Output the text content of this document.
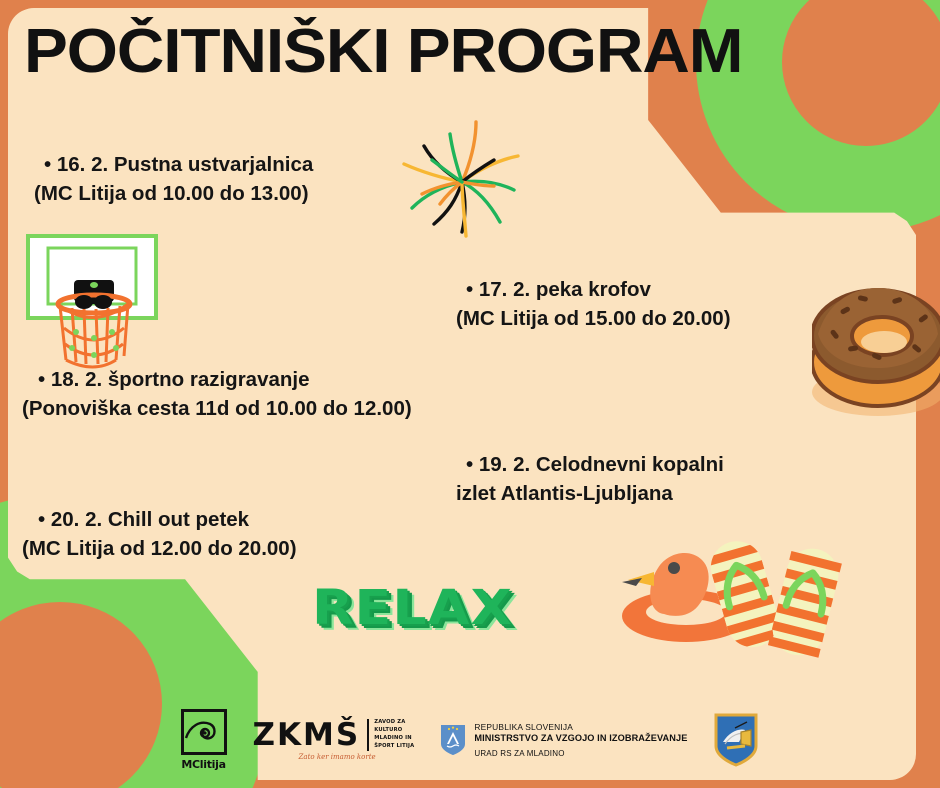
POČITNIŠKI PROGRAM
• 16. 2. Pustna ustvarjalnica
(MC Litija od 10.00 do 13.00)
• 17. 2. peka krofov
(MC Litija od 15.00 do 20.00)
• 18. 2. športno razigravanje
(Ponoviška cesta 11d od 10.00 do 12.00)
• 19. 2. Celodnevni kopalni
izlet Atlantis-Ljubljana
• 20. 2. Chill out petek
(MC Litija od 12.00 do 20.00)
RELAX
MClitija
ZKMŠ	ZAVOD ZA
KULTURO
MLADINO IN
ŠPORT LITIJA
Zato ker imamo korte
REPUBLIKA SLOVENIJA
MINISTRSTVO ZA VZGOJO IN IZOBRAŽEVANJE
URAD RS ZA MLADINO
